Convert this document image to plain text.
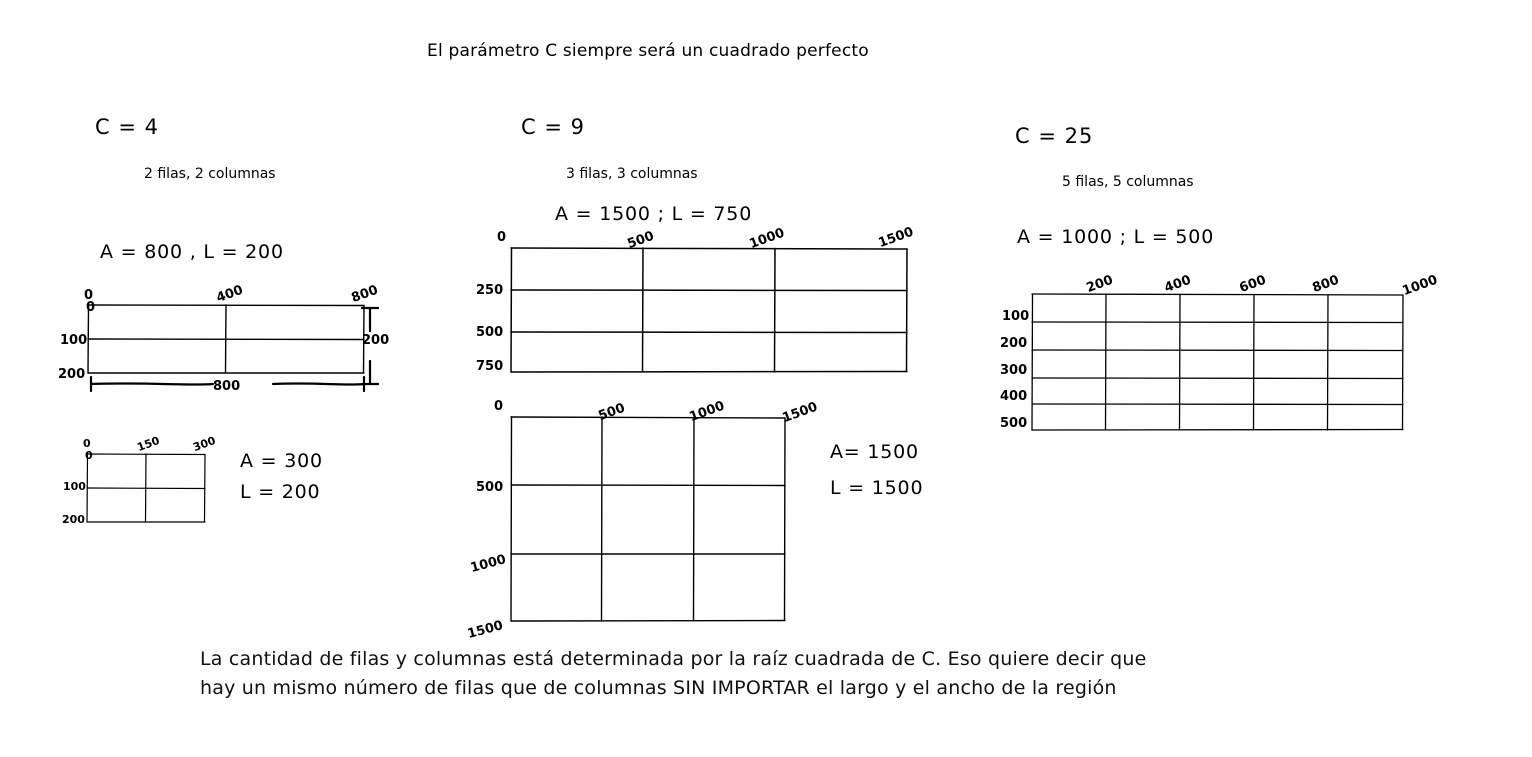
El parámetro C siempre será un cuadrado perfecto
C = 4
2 filas, 2 columnas
A = 800 , L = 200
0	400	800
0
100
200
800
200
0	150	300
0
100
200
A = 300
L = 200
C = 9
3 filas, 3 columnas
A = 1500 ; L = 750
0	500	1000	1500
250
500
750
0	500	1000	1500
500
1000
1500
A= 1500
L = 1500
C = 25
5 filas, 5 columnas
A = 1000 ; L = 500
200	400	600	800	1000
100
200
300
400
500
La cantidad de filas y columnas está determinada por la raíz cuadrada de C. Eso quiere decir que
hay un mismo número de filas que de columnas SIN IMPORTAR el largo y el ancho de la región
